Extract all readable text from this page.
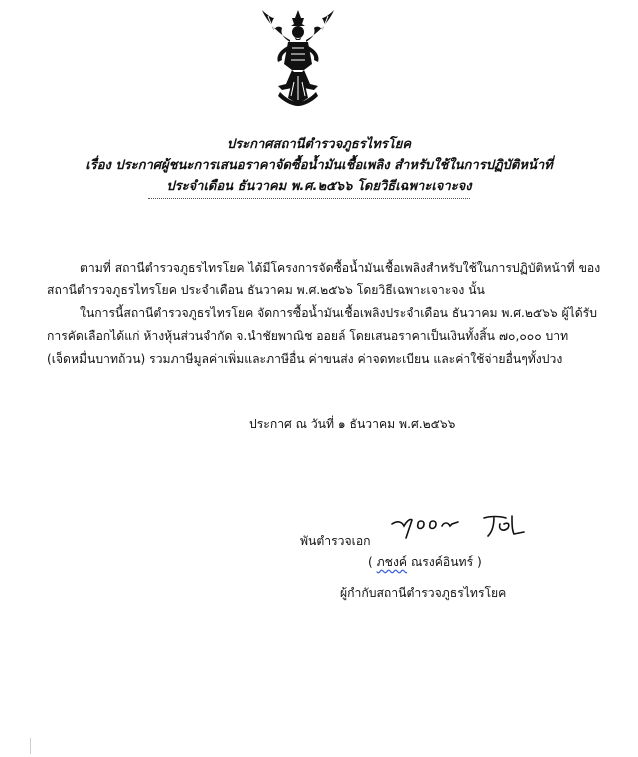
ประกาศสถานีตำรวจภูธรไทรโยค
เรื่อง ประกาศผู้ชนะการเสนอราคาจัดซื้อน้ำมันเชื้อเพลิง สำหรับใช้ในการปฏิบัติหน้าที่
ประจำเดือน ธันวาคม พ.ศ.๒๕๖๖ โดยวิธีเฉพาะเจาะจง
ตามที่ สถานีตำรวจภูธรไทรโยค ได้มีโครงการจัดซื้อน้ำมันเชื้อเพลิงสำหรับใช้ในการปฏิบัติหน้าที่ ของ
สถานีตำรวจภูธรไทรโยค ประจำเดือน ธันวาคม พ.ศ.๒๕๖๖ โดยวิธีเฉพาะเจาะจง นั้น
ในการนี้สถานีตำรวจภูธรไทรโยค จัดการซื้อน้ำมันเชื้อเพลิงประจำเดือน ธันวาคม พ.ศ.๒๕๖๖ ผู้ได้รับ
การคัดเลือกได้แก่ ห้างหุ้นส่วนจำกัด จ.นำชัยพาณิช ออยล์ โดยเสนอราคาเป็นเงินทั้งสิ้น ๗๐,๐๐๐ บาท
(เจ็ดหมื่นบาทถ้วน) รวมภาษีมูลค่าเพิ่มและภาษีอื่น ค่าขนส่ง ค่าจดทะเบียน และค่าใช้จ่ายอื่นๆทั้งปวง
ประกาศ ณ วันที่ ๑ ธันวาคม พ.ศ.๒๕๖๖
พันตำรวจเอก
( ภชงค์ ณรงค์อินทร์ )
ผู้กำกับสถานีตำรวจภูธรไทรโยค
